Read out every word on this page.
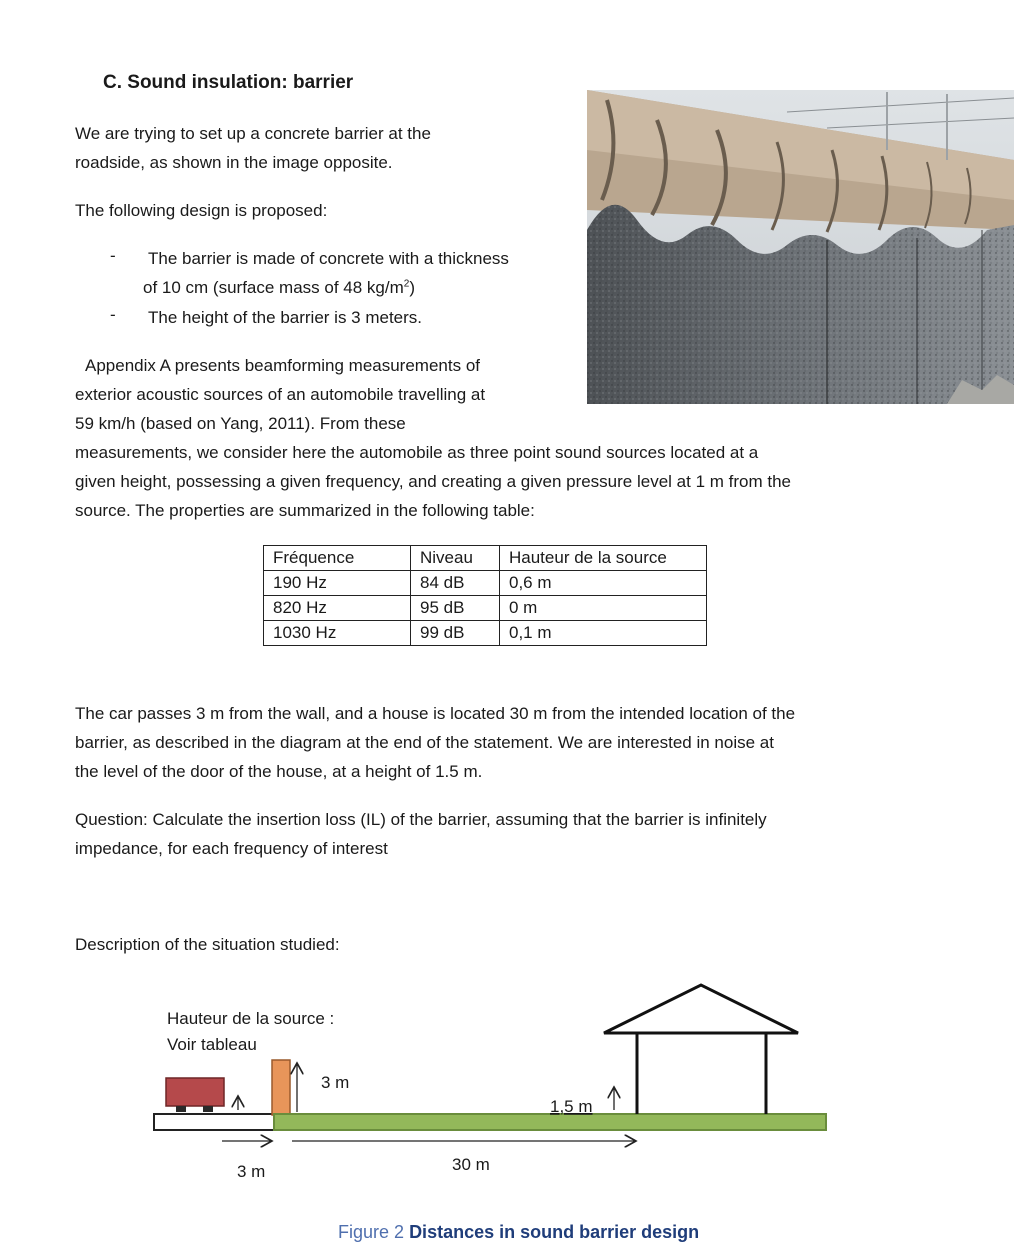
C. Sound insulation: barrier
We are trying to set up a concrete barrier at the
roadside, as shown in the image opposite.
The following design is proposed:
- The barrier is made of concrete with a thickness
of 10 cm (surface mass of 48 $kg/m^2$)
- The height of the barrier is 3 meters.
Appendix A presents beamforming measurements of
exterior acoustic sources of an automobile travelling at
59 km/h (based on Yang, 2011). From these
measurements, we consider here the automobile as three point sound sources located at a
given height, possessing a given frequency, and creating a given pressure level at 1 m from the
source. The properties are summarized in the following table:
Fréquence	Niveau	Hauteur de la source
190 Hz	84 dB	0,6 m
820 Hz	95 dB	0 m
1030 Hz	99 dB	0,1 m
The car passes 3 m from the wall, and a house is located 30 m from the intended location of the
barrier, as described in the diagram at the end of the statement. We are interested in noise at
the level of the door of the house, at a height of 1.5 m.
Question: Calculate the insertion loss (IL) of the barrier, assuming that the barrier is infinitely
impedance, for each frequency of interest
Description of the situation studied:
Hauteur de la source :
Voir tableau
3 m
1,5 m
3 m	30 m
Figure 2 Distances in sound barrier design
